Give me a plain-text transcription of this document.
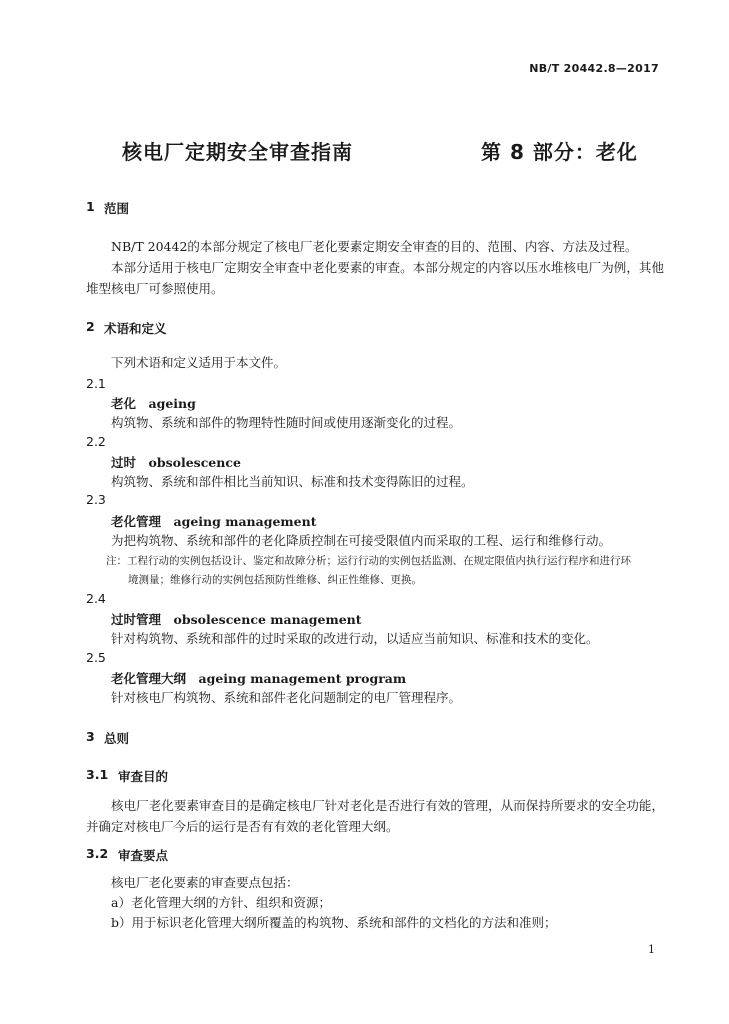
NB/T 20442.8—2017
核电厂定期安全审查指南	第 8 部分：老化
1 范围
NB/T 20442的本部分规定了核电厂老化要素定期安全审查的目的、范围、内容、方法及过程。
本部分适用于核电厂定期安全审查中老化要素的审查。本部分规定的内容以压水堆核电厂为例，其他堆型核电厂可参照使用。
2 术语和定义
下列术语和定义适用于本文件。
2.1
老化　ageing
构筑物、系统和部件的物理特性随时间或使用逐渐变化的过程。
2.2
过时　obsolescence
构筑物、系统和部件相比当前知识、标准和技术变得陈旧的过程。
2.3
老化管理　ageing management
为把构筑物、系统和部件的老化降质控制在可接受限值内而采取的工程、运行和维修行动。
注：工程行动的实例包括设计、鉴定和故障分析；运行行动的实例包括监测、在规定限值内执行运行程序和进行环
境测量；维修行动的实例包括预防性维修、纠正性维修、更换。
2.4
过时管理　obsolescence management
针对构筑物、系统和部件的过时采取的改进行动，以适应当前知识、标准和技术的变化。
2.5
老化管理大纲　ageing management program
针对核电厂构筑物、系统和部件老化问题制定的电厂管理程序。
3 总则
3.1 审查目的
核电厂老化要素审查目的是确定核电厂针对老化是否进行有效的管理，从而保持所要求的安全功能，并确定对核电厂今后的运行是否有有效的老化管理大纲。
3.2 审查要点
核电厂老化要素的审查要点包括：
a）老化管理大纲的方针、组织和资源；
b）用于标识老化管理大纲所覆盖的构筑物、系统和部件的文档化的方法和准则；
1
